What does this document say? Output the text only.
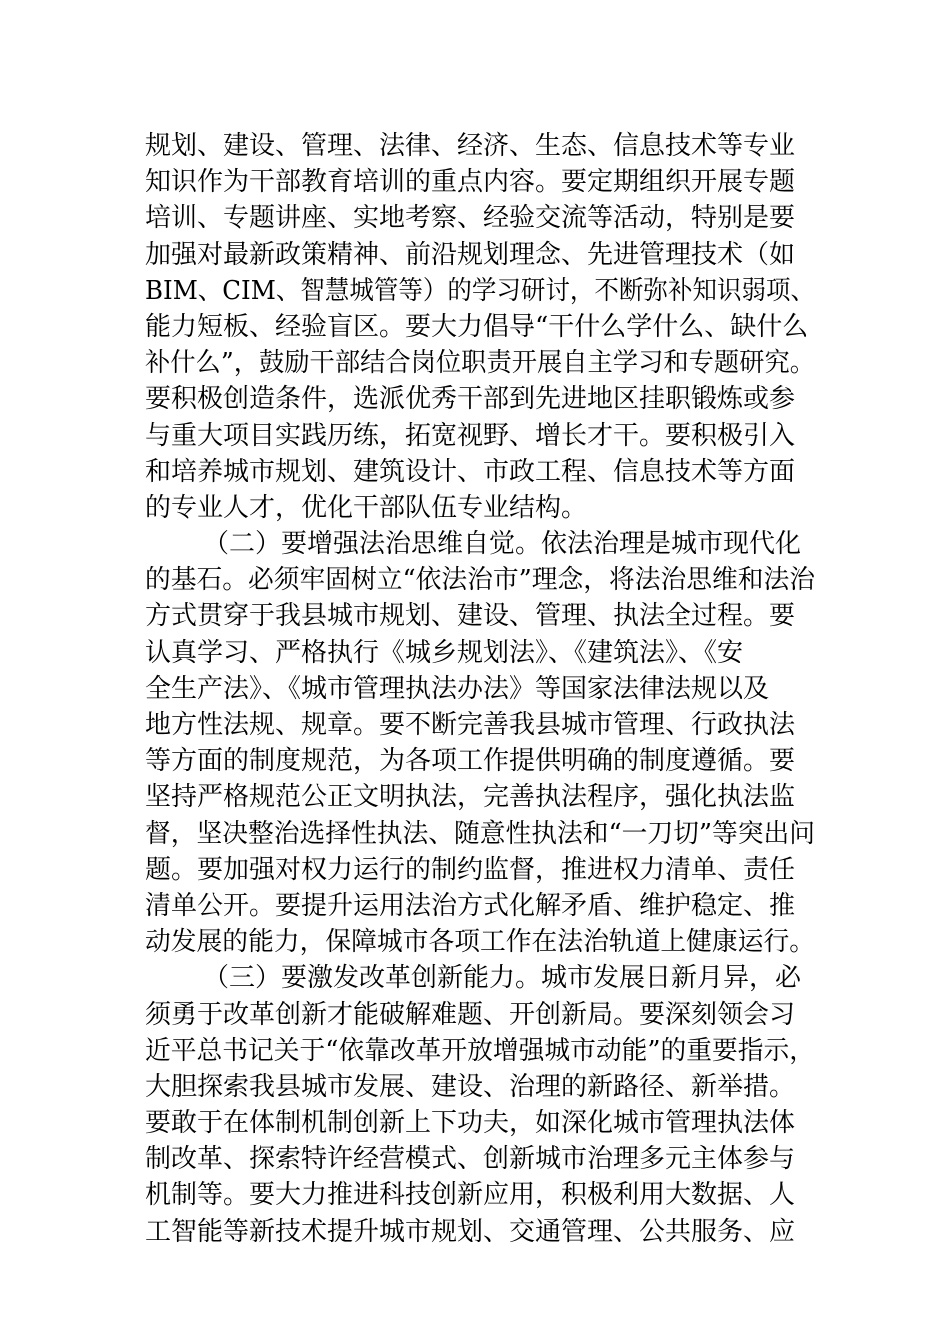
规划、建设、管理、法律、经济、生态、信息技术等专业
知识作为干部教育培训的重点内容。要定期组织开展专题
培训、专题讲座、实地考察、经验交流等活动，特别是要
加强对最新政策精神、前沿规划理念、先进管理技术（如
BIM、CIM、智慧城管等）的学习研讨，不断弥补知识弱项、
能力短板、经验盲区。要大力倡导“干什么学什么、缺什么
补什么”，鼓励干部结合岗位职责开展自主学习和专题研究。
要积极创造条件，选派优秀干部到先进地区挂职锻炼或参
与重大项目实践历练，拓宽视野、增长才干。要积极引入
和培养城市规划、建筑设计、市政工程、信息技术等方面
的专业人才，优化干部队伍专业结构。
（二）要增强法治思维自觉。依法治理是城市现代化
的基石。必须牢固树立“依法治市”理念，将法治思维和法治
方式贯穿于我县城市规划、建设、管理、执法全过程。要
认真学习、严格执行《城乡规划法》、《建筑法》、《安
全生产法》、《城市管理执法办法》等国家法律法规以及
地方性法规、规章。要不断完善我县城市管理、行政执法
等方面的制度规范，为各项工作提供明确的制度遵循。要
坚持严格规范公正文明执法，完善执法程序，强化执法监
督，坚决整治选择性执法、随意性执法和“一刀切”等突出问
题。要加强对权力运行的制约监督，推进权力清单、责任
清单公开。要提升运用法治方式化解矛盾、维护稳定、推
动发展的能力，保障城市各项工作在法治轨道上健康运行。
（三）要激发改革创新能力。城市发展日新月异，必
须勇于改革创新才能破解难题、开创新局。要深刻领会习
近平总书记关于“依靠改革开放增强城市动能”的重要指示，
大胆探索我县城市发展、建设、治理的新路径、新举措。
要敢于在体制机制创新上下功夫，如深化城市管理执法体
制改革、探索特许经营模式、创新城市治理多元主体参与
机制等。要大力推进科技创新应用，积极利用大数据、人
工智能等新技术提升城市规划、交通管理、公共服务、应
